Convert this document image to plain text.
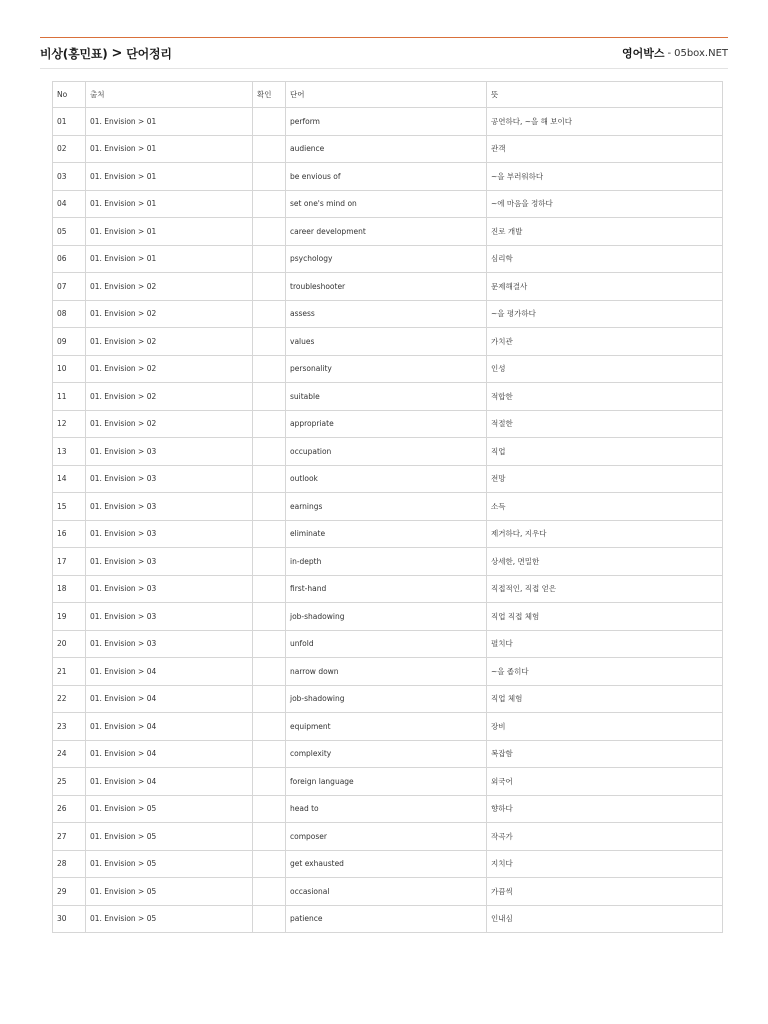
비상(홍민표) > 단어정리	영어박스 - 05box.NET
No	출처	확인	단어	뜻
01	01. Envision > 01		perform	공연하다, ~을 해 보이다
02	01. Envision > 01		audience	관객
03	01. Envision > 01		be envious of	~을 부러워하다
04	01. Envision > 01		set one's mind on	~에 마음을 정하다
05	01. Envision > 01		career development	진로 개발
06	01. Envision > 01		psychology	심리학
07	01. Envision > 02		troubleshooter	문제해결사
08	01. Envision > 02		assess	~을 평가하다
09	01. Envision > 02		values	가치관
10	01. Envision > 02		personality	인성
11	01. Envision > 02		suitable	적합한
12	01. Envision > 02		appropriate	적절한
13	01. Envision > 03		occupation	직업
14	01. Envision > 03		outlook	전망
15	01. Envision > 03		earnings	소득
16	01. Envision > 03		eliminate	제거하다, 지우다
17	01. Envision > 03		in-depth	상세한, 면밀한
18	01. Envision > 03		first-hand	직접적인, 직접 얻은
19	01. Envision > 03		job-shadowing	직업 직접 체험
20	01. Envision > 03		unfold	펼치다
21	01. Envision > 04		narrow down	~을 좁히다
22	01. Envision > 04		job-shadowing	직업 체험
23	01. Envision > 04		equipment	장비
24	01. Envision > 04		complexity	복잡함
25	01. Envision > 04		foreign language	외국어
26	01. Envision > 05		head to	향하다
27	01. Envision > 05		composer	작곡가
28	01. Envision > 05		get exhausted	지치다
29	01. Envision > 05		occasional	가끔씩
30	01. Envision > 05		patience	인내심
